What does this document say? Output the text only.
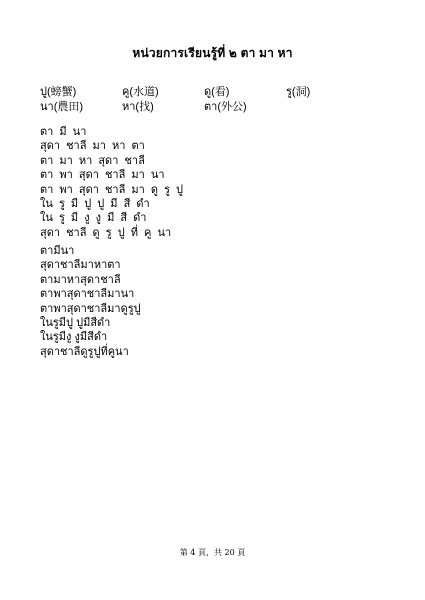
หน่วยการเรียนรู้ที่ ๒ ตา มา หา
ปู(螃蟹)	คู(水道)	ดู(看)	รู(洞)
นา(農田)	หา(找)	ตา(外公)
ตา มี นา
สุดา ชาลี มา หา ตา
ตา มา หา สุดา ชาลี
ตา พา สุดา ชาลี มา นา
ตา พา สุดา ชาลี มา ดู รู ปู
ใน รู มี ปู ปู มี สี ดำ
ใน รู มี งู งู มี สี ดำ
สุดา ชาลี ดู รู ปู ที่ คู นา
ตามีนา
สุดาชาลีมาหาตา
ตามาหาสุดาชาลี
ตาพาสุดาชาลีมานา
ตาพาสุดาชาลีมาดูรูปู
ในรูมีปู ปูมีสีดำ
ในรูมีงู งูมีสีดำ
สุดาชาลีดูรูปูที่คูนา
第 4 頁，共 20 頁
